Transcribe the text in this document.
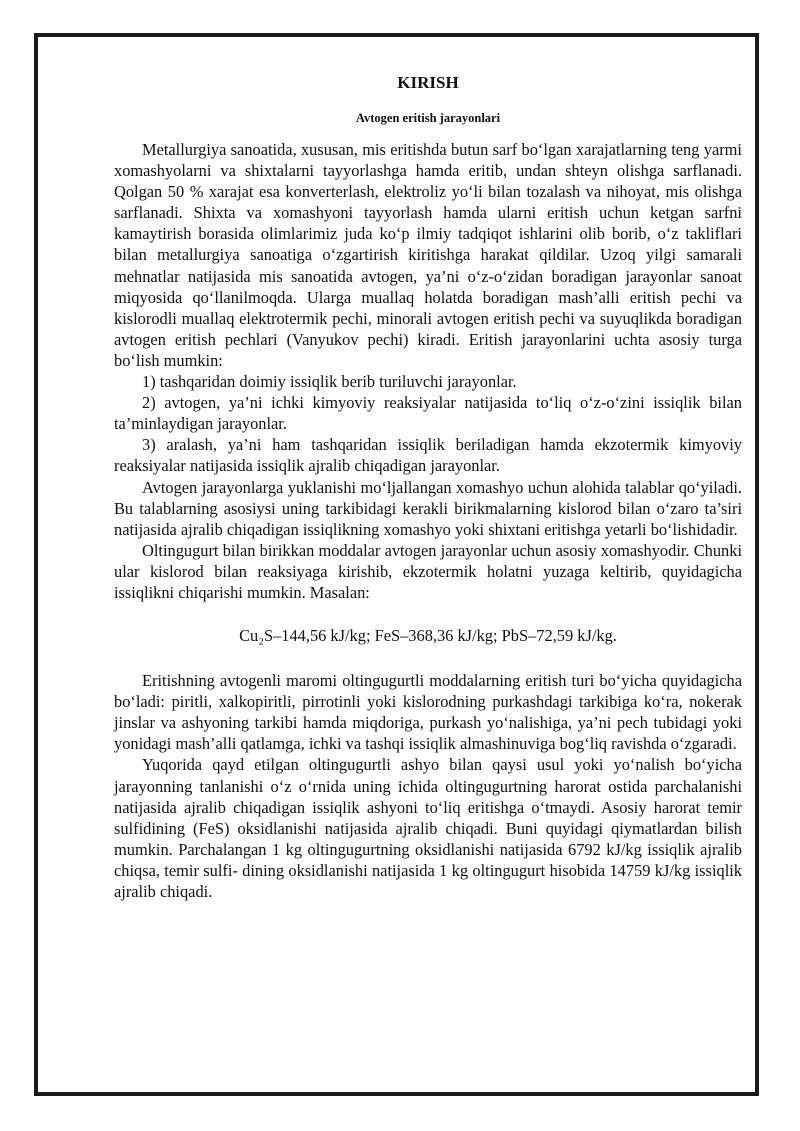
KIRISH
Avtogen eritish jarayonlari

Metallurgiya sanoatida, xususan, mis eritishda butun sarf bo‘lgan xarajatlarning teng yarmi xomashyolarni va shixtalarni tayyorlashga hamda eritib, undan shteyn olishga sarflanadi. Qolgan 50 % xarajat esa konverterlash, elektroliz yo‘li bilan tozalash va nihoyat, mis olishga sarflanadi. Shixta va xomashyoni tayyorlash hamda ularni eritish uchun ketgan sarfni kamaytirish borasida olimlarimiz juda ko‘p ilmiy tadqiqot ishlarini olib borib, o‘z takliflari bilan metallurgiya sanoatiga o‘zgartirish kiritishga harakat qildilar. Uzoq yilgi samarali mehnatlar natijasida mis sanoatida avtogen, ya’ni o‘z-o‘zidan boradigan jarayonlar sanoat miqyosida qo‘llanilmoqda. Ularga muallaq holatda boradigan mash’alli eritish pechi va kislorodli muallaq elektrotermik pechi, minorali avtogen eritish pechi va suyuqlikda boradigan avtogen eritish pechlari (Vanyukov pechi) kiradi. Eritish jarayonlarini uchta asosiy turga bo‘lish mumkin:

1) tashqaridan doimiy issiqlik berib turiluvchi jarayonlar.

2) avtogen, ya’ni ichki kimyoviy reaksiyalar natijasida to‘liq o‘z-o‘zini issiqlik bilan ta’minlaydigan jarayonlar.

3) aralash, ya’ni ham tashqaridan issiqlik beriladigan hamda ekzotermik kimyoviy reaksiyalar natijasida issiqlik ajralib chiqadigan jarayonlar.

Avtogen jarayonlarga yuklanishi mo‘ljallangan xomashyo uchun alohida talablar qo‘yiladi. Bu talablarning asosiysi uning tarkibidagi kerakli birikmalarning kislorod bilan o‘zaro ta’siri natijasida ajralib chiqadigan issiqlikning xomashyo yoki shixtani eritishga yetarli bo‘lishidadir.

Oltingugurt bilan birikkan moddalar avtogen jarayonlar uchun asosiy xomashyodir. Chunki ular kislorod bilan reaksiyaga kirishib, ekzotermik holatni yuzaga keltirib, quyidagicha issiqlikni chiqarishi mumkin. Masalan:

Cu₂S–144,56 kJ/kg; FeS–368,36 kJ/kg; PbS–72,59 kJ/kg.

Eritishning avtogenli maromi oltingugurtli moddalarning eritish turi bo‘yicha quyidagicha bo‘ladi: piritli, xalkopiritli, pirrotinli yoki kislorodning purkashdagi tarkibiga ko‘ra, nokerak jinslar va ashyoning tarkibi hamda miqdoriga, purkash yo‘nalishiga, ya’ni pech tubidagi yoki yonidagi mash’alli qatlamga, ichki va tashqi issiqlik almashinuviga bog‘liq ravishda o‘zgaradi.

Yuqorida qayd etilgan oltingugurtli ashyo bilan qaysi usul yoki yo‘nalish bo‘yicha jarayonning tanlanishi o‘z o‘rnida uning ichida oltingugurtning harorat ostida parchalanishi natijasida ajralib chiqadigan issiqlik ashyoni to‘liq eritishga o‘tmaydi. Asosiy harorat temir sulfidining (FeS) oksidlanishi natijasida ajralib chiqadi. Buni quyidagi qiymatlardan bilish mumkin. Parchalangan 1 kg oltingugurtning oksidlanishi natijasida 6792 kJ/kg issiqlik ajralib chiqsa, temir sulfi- dining oksidlanishi natijasida 1 kg oltingugurt hisobida 14759 kJ/kg issiqlik ajralib chiqadi.
